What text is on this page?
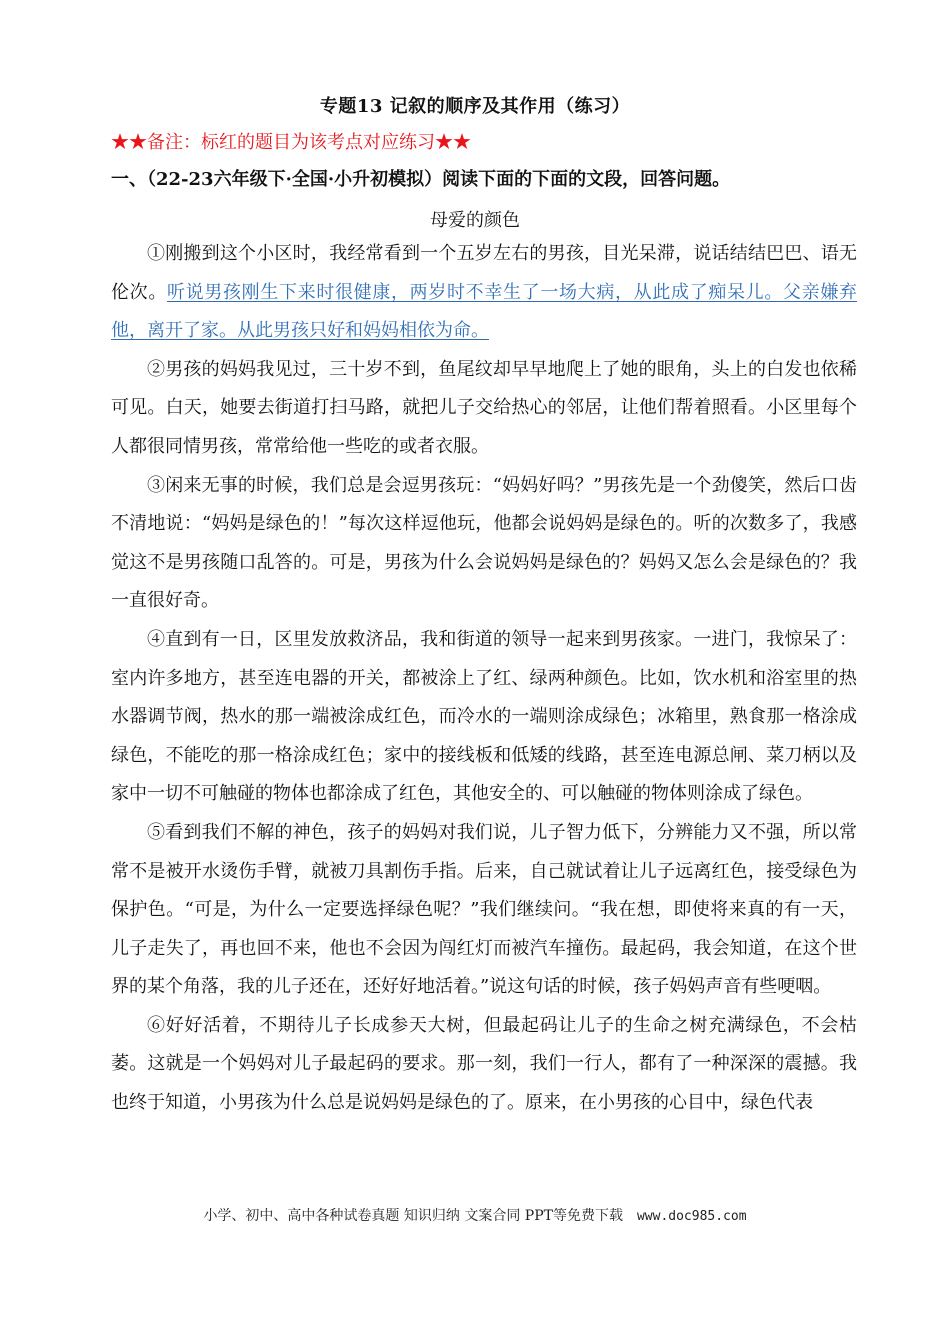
专题13 记叙的顺序及其作用（练习）
★★备注：标红的题目为该考点对应练习★★
一、（22-23六年级下·全国·小升初模拟）阅读下面的下面的文段，回答问题。
母爱的颜色

①刚搬到这个小区时，我经常看到一个五岁左右的男孩，目光呆滞，说话结结巴巴、语无伦次。听说男孩刚生下来时很健康，两岁时不幸生了一场大病，从此成了痴呆儿。父亲嫌弃他，离开了家。从此男孩只好和妈妈相依为命。

②男孩的妈妈我见过，三十岁不到，鱼尾纹却早早地爬上了她的眼角，头上的白发也依稀可见。白天，她要去街道打扫马路，就把儿子交给热心的邻居，让他们帮着照看。小区里每个人都很同情男孩，常常给他一些吃的或者衣服。

③闲来无事的时候，我们总是会逗男孩玩：“妈妈好吗？”男孩先是一个劲傻笑，然后口齿不清地说：“妈妈是绿色的！”每次这样逗他玩，他都会说妈妈是绿色的。听的次数多了，我感觉这不是男孩随口乱答的。可是，男孩为什么会说妈妈是绿色的？妈妈又怎么会是绿色的？我一直很好奇。

④直到有一日，区里发放救济品，我和街道的领导一起来到男孩家。一进门，我惊呆了：室内许多地方，甚至连电器的开关，都被涂上了红、绿两种颜色。比如，饮水机和浴室里的热水器调节阀，热水的那一端被涂成红色，而冷水的一端则涂成绿色；冰箱里，熟食那一格涂成绿色，不能吃的那一格涂成红色；家中的接线板和低矮的线路，甚至连电源总闸、菜刀柄以及家中一切不可触碰的物体也都涂成了红色，其他安全的、可以触碰的物体则涂成了绿色。

⑤看到我们不解的神色，孩子的妈妈对我们说，儿子智力低下，分辨能力又不强，所以常常不是被开水烫伤手臂，就被刀具割伤手指。后来，自己就试着让儿子远离红色，接受绿色为保护色。“可是，为什么一定要选择绿色呢？”我们继续问。“我在想，即使将来真的有一天，儿子走失了，再也回不来，他也不会因为闯红灯而被汽车撞伤。最起码，我会知道，在这个世界的某个角落，我的儿子还在，还好好地活着。”说这句话的时候，孩子妈妈声音有些哽咽。

⑥好好活着，不期待儿子长成参天大树，但最起码让儿子的生命之树充满绿色，不会枯萎。这就是一个妈妈对儿子最起码的要求。那一刻，我们一行人，都有了一种深深的震撼。我也终于知道，小男孩为什么总是说妈妈是绿色的了。原来，在小男孩的心目中，绿色代表

小学、初中、高中各种试卷真题 知识归纳 文案合同 PPT等免费下载 www.doc985.com
